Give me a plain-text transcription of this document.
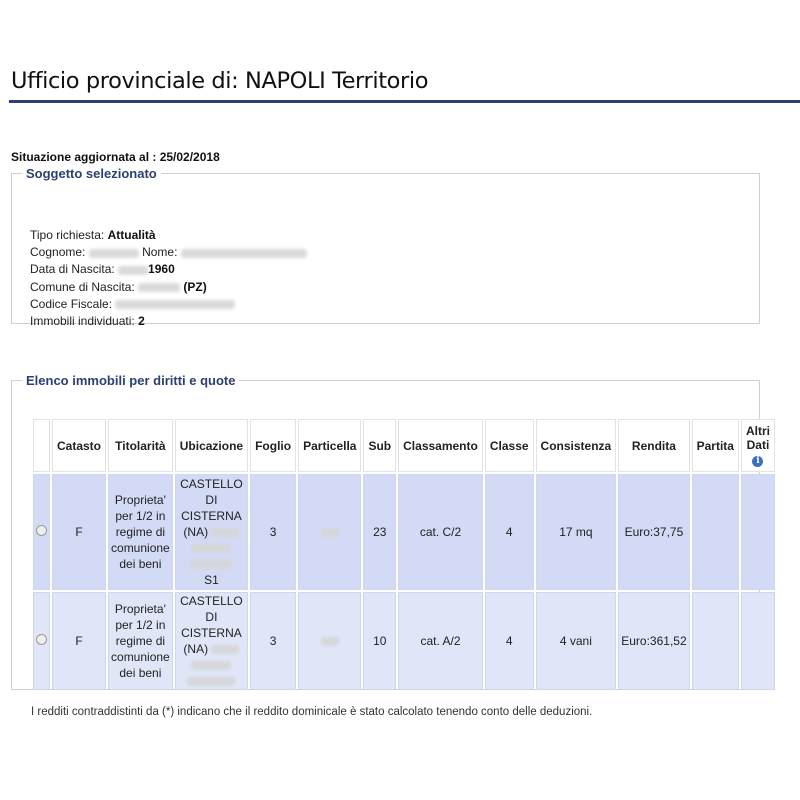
Ufficio provinciale di: NAPOLI Territorio
Situazione aggiornata al : 25/02/2018
Soggetto selezionato
Tipo richiesta: Attualità
Cognome:	Nome:
Data di Nascita:	1960
Comune di Nascita:	(PZ)
Codice Fiscale:
Immobili individuati: 2
Elenco immobili per diritti e quote
	Catasto	Titolarità	Ubicazione	Foglio	Particella	Sub	Classamento	Classe	Consistenza	Rendita	Partita	Altri
Dati
i
	F	Proprieta'
per 1/2 in
regime di
comunione
dei beni	CASTELLO
DI
CISTERNA
(NA)

S1	3		23	cat. C/2	4	17 mq	Euro:37,75		
	F	Proprieta'
per 1/2 in
regime di
comunione
dei beni	CASTELLO
DI
CISTERNA
(NA)	3		10	cat. A/2	4	4 vani	Euro:361,52		
I redditi contraddistinti da (*) indicano che il reddito dominicale è stato calcolato tenendo conto delle deduzioni.
